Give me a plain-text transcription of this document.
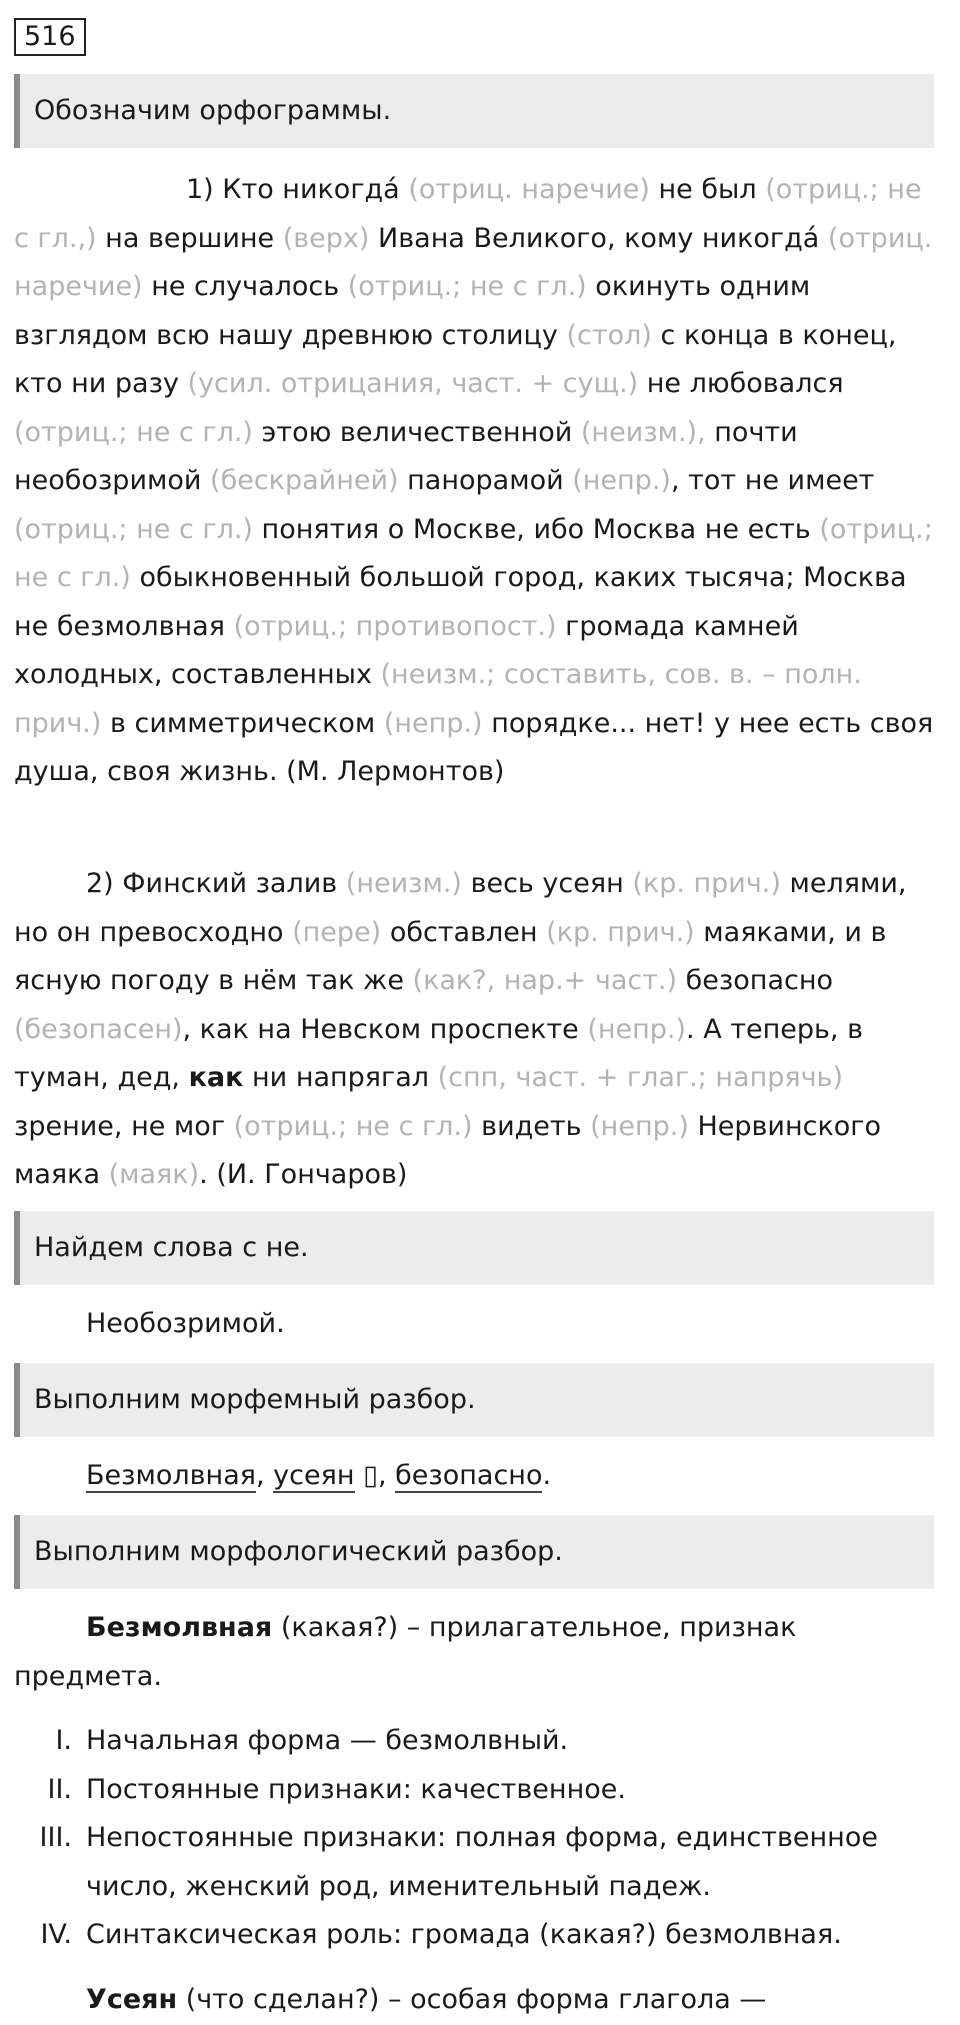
516
Обозначим орфограммы.
1) Кто никогда́ (отриц. наречие) не был (отриц.; не с гл.,) на вершине (верх) Ивана Великого, кому никогда́ (отриц. наречие) не случалось (отриц.; не с гл.) окинуть одним взглядом всю нашу древнюю столицу (стол) с конца в конец, кто ни разу (усил. отрицания, част. + сущ.) не любовался (отриц.; не с гл.) этою величественной (неизм.), почти необозримой (бескрайней) панорамой (непр.), тот не имеет (отриц.; не с гл.) понятия о Москве, ибо Москва не есть (отриц.; не с гл.) обыкновенный большой город, каких тысяча; Москва не безмолвная (отриц.; противопост.) громада камней холодных, составленных (неизм.; составить, сов. в. – полн. прич.) в симметрическом (непр.) порядке... нет! у нее есть своя душа, своя жизнь. (М. Лермонтов)
2) Финский залив (неизм.) весь усеян (кр. прич.) мелями, но он превосходно (пере) обставлен (кр. прич.) маяками, и в ясную погоду в нём так же (как?, нар.+ част.) безопасно (безопасен), как на Невском проспекте (непр.). А теперь, в туман, дед, как ни напрягал (спп, част. + глаг.; напрячь) зрение, не мог (отриц.; не с гл.) видеть (непр.) Нервинского маяка (маяк). (И. Гончаров)
Найдем слова с не.
Необозримой.
Выполним морфемный разбор.
Безмолвная, усеян ▯, безопасно.
Выполним морфологический разбор.
Безмолвная (какая?) – прилагательное, признак предмета.
I. Начальная форма — безмолвный.
II. Постоянные признаки: качественное.
III. Непостоянные признаки: полная форма, единственное число, женский род, именительный падеж.
IV. Синтаксическая роль: громада (какая?) безмолвная.
Усеян (что сделан?) – особая форма глагола —
